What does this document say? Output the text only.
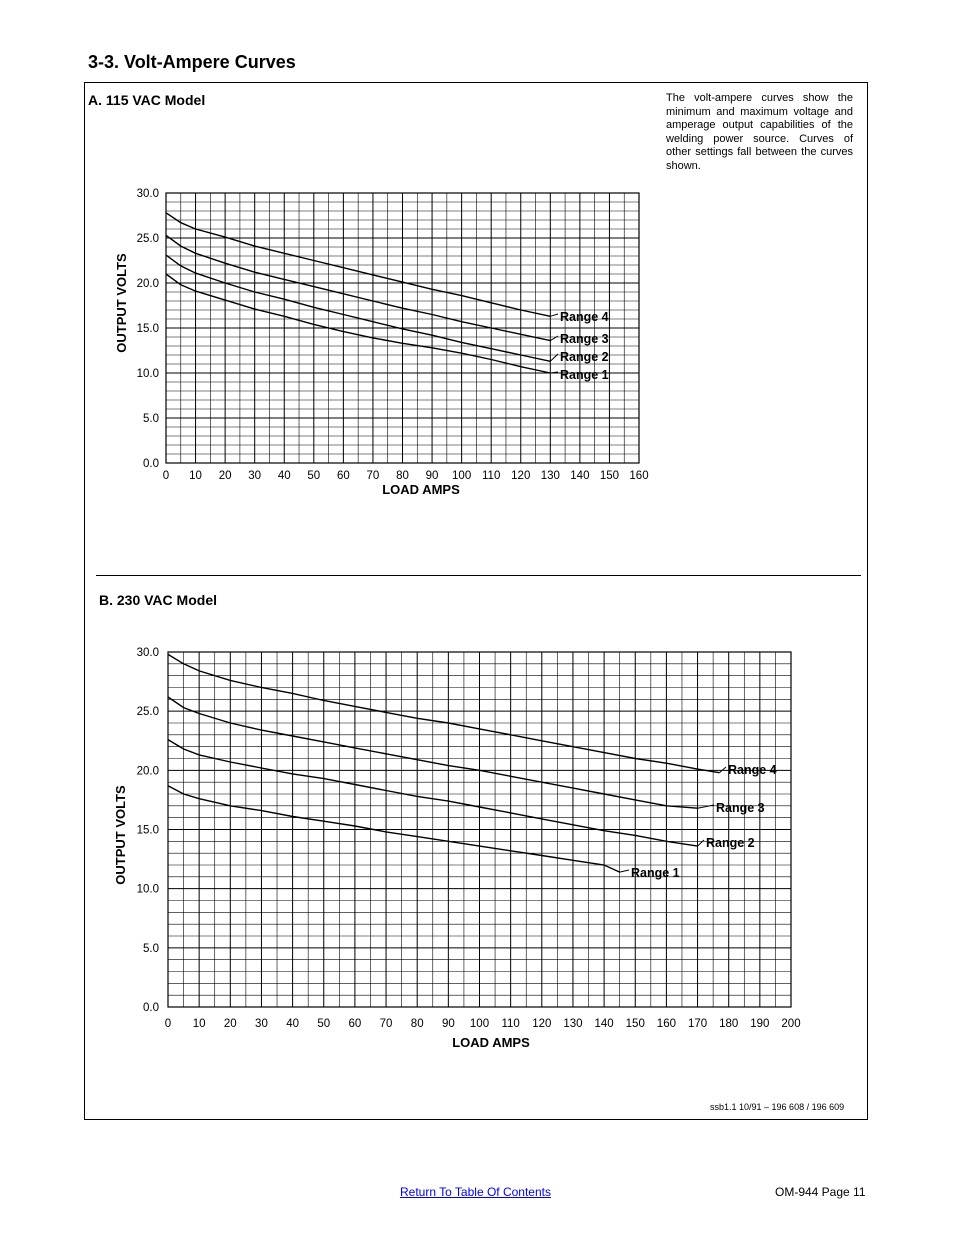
3-3. Volt-Ampere Curves
A. 115 VAC Model
B. 230 VAC Model
The volt-ampere curves show the minimum and maximum voltage and amperage output capabilities of the welding power source. Curves of other settings fall between the curves shown.
0 10 20 30 40 50 60 70 80 90 100 110 120 130 140 150 160
0.0
5.0
10.0
15.0
20.0
25.0
30.0
LOAD AMPS
OUTPUT VOLTS	Range 4
Range 3
Range 2
Range 1
0 10 20 30 40 50 60 70 80 90 100 110 120 130 140 150 160 170 180 190 200
0.0
5.0
10.0
15.0
20.0
25.0
30.0
LOAD AMPS
OUTPUT VOLTS
Range 4
Range 3
Range 2
Range 1
ssb1.1 10/91 – 196 608 / 196 609
Return To Table Of Contents	OM-944 Page 11
